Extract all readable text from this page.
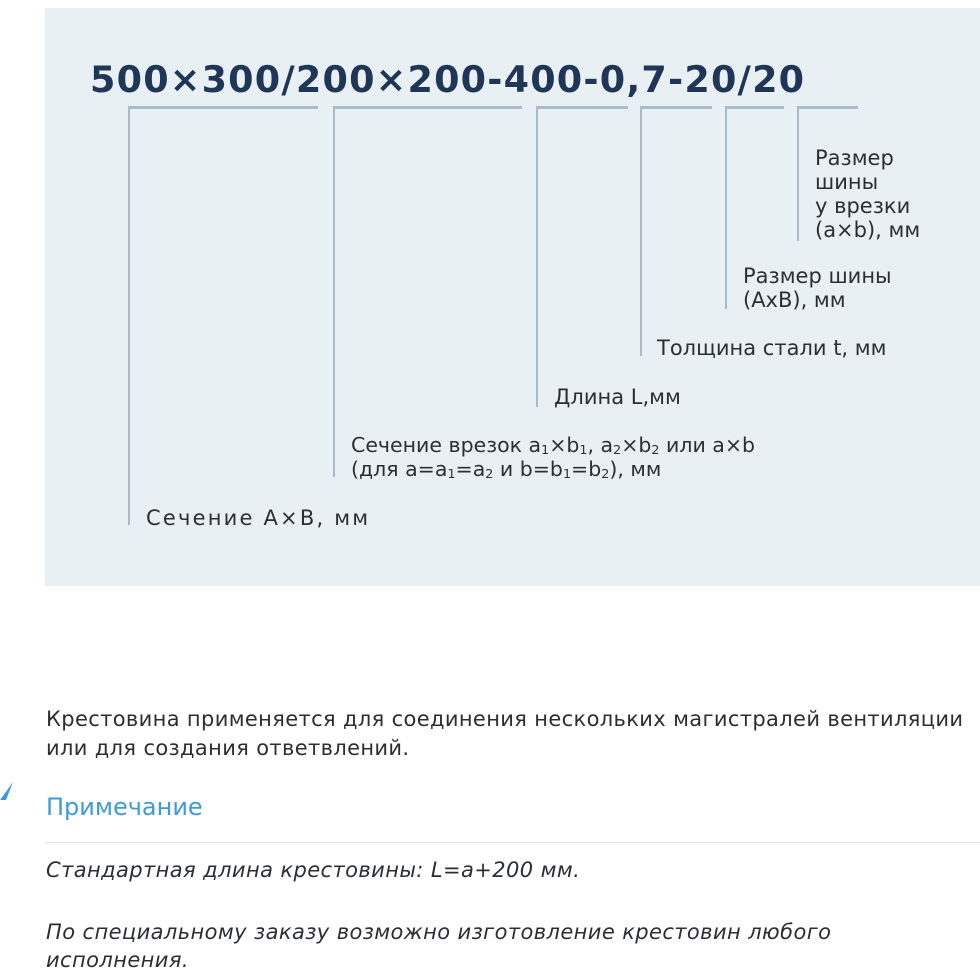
500×300/200×200-400-0,7-20/20
Сечение А×В, мм
Сечение врезок $a_1\times b_1$, $a_2\times b_2$ или a×b
(для $a=a_1=a_2$ и $b=b_1=b_2$), мм
Длина L,мм
Толщина стали t, мм
Размер шины
(АхВ), мм
Размер
шины
у врезки
(a×b), мм

Крестовина применяется для соединения нескольких магистралей вентиляции или для создания ответвлений.

Примечание

Стандартная длина крестовины: L=a+200 мм.

По специальному заказу возможно изготовление крестовин любого исполнения.
